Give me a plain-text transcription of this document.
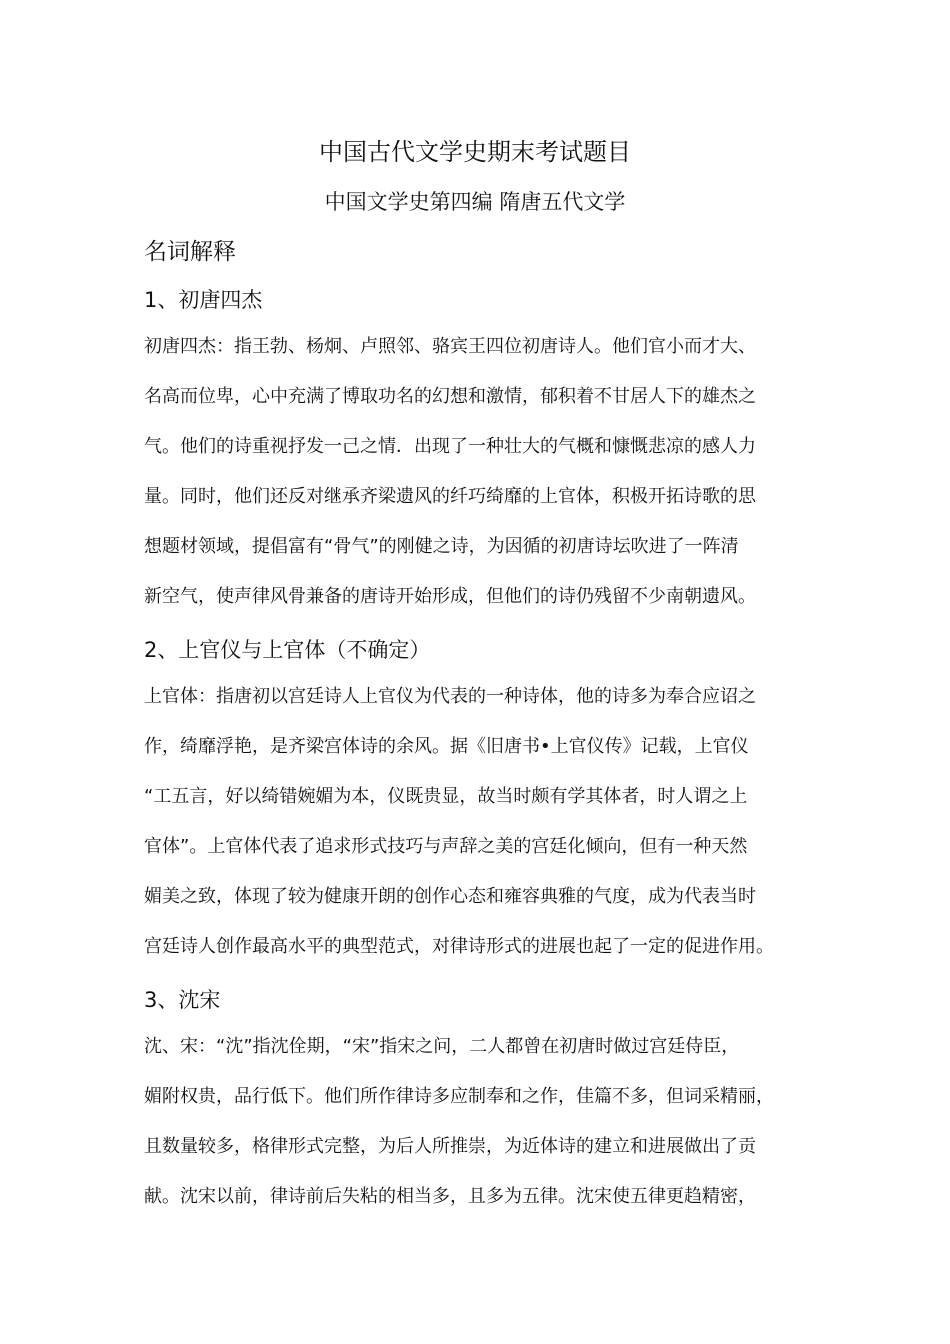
中国古代文学史期末考试题目
中国文学史第四编 隋唐五代文学
名词解释
1、初唐四杰
初唐四杰：指王勃、杨炯、卢照邻、骆宾王四位初唐诗人。他们官小而才大、
名高而位卑，心中充满了博取功名的幻想和激情，郁积着不甘居人下的雄杰之
气。他们的诗重视抒发一己之情．出现了一种壮大的气概和慷慨悲凉的感人力
量。同时，他们还反对继承齐梁遗风的纤巧绮靡的上官体，积极开拓诗歌的思
想题材领域，提倡富有“骨气”的刚健之诗，为因循的初唐诗坛吹进了一阵清
新空气，使声律风骨兼备的唐诗开始形成，但他们的诗仍残留不少南朝遗风。
2、上官仪与上官体（不确定）
上官体：指唐初以宫廷诗人上官仪为代表的一种诗体，他的诗多为奉合应诏之
作，绮靡浮艳，是齐梁宫体诗的余风。据《旧唐书•上官仪传》记载，上官仪
“工五言，好以绮错婉媚为本，仪既贵显，故当时颇有学其体者，时人谓之上
官体”。上官体代表了追求形式技巧与声辞之美的宫廷化倾向，但有一种天然
媚美之致，体现了较为健康开朗的创作心态和雍容典雅的气度，成为代表当时
宫廷诗人创作最高水平的典型范式，对律诗形式的进展也起了一定的促进作用。
3、沈宋
沈、宋：“沈”指沈佺期，“宋”指宋之问，二人都曾在初唐时做过宫廷侍臣，
媚附权贵，品行低下。他们所作律诗多应制奉和之作，佳篇不多，但词采精丽，
且数量较多，格律形式完整，为后人所推崇，为近体诗的建立和进展做出了贡
献。沈宋以前，律诗前后失粘的相当多，且多为五律。沈宋使五律更趋精密，
